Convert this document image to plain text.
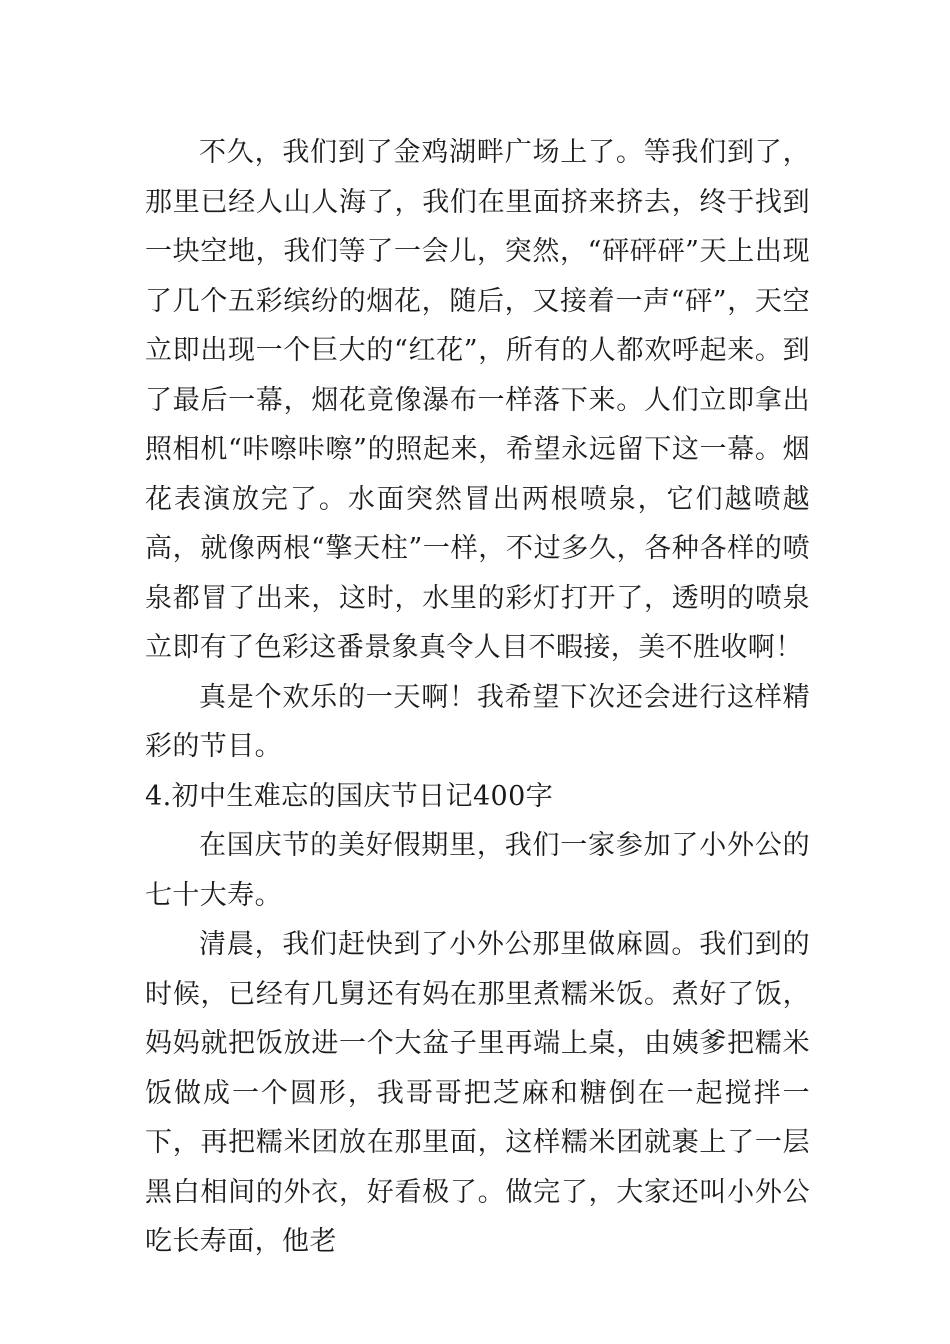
不久，我们到了金鸡湖畔广场上了。等我们到了，那里已经人山人海了，我们在里面挤来挤去，终于找到一块空地，我们等了一会儿，突然，“砰砰砰”天上出现了几个五彩缤纷的烟花，随后，又接着一声“砰”，天空立即出现一个巨大的“红花”，所有的人都欢呼起来。到了最后一幕，烟花竟像瀑布一样落下来。人们立即拿出照相机“咔嚓咔嚓”的照起来，希望永远留下这一幕。烟花表演放完了。水面突然冒出两根喷泉，它们越喷越高，就像两根“擎天柱”一样，不过多久，各种各样的喷泉都冒了出来，这时，水里的彩灯打开了，透明的喷泉立即有了色彩这番景象真令人目不暇接，美不胜收啊！

真是个欢乐的一天啊！我希望下次还会进行这样精彩的节目。

4.初中生难忘的国庆节日记400字

在国庆节的美好假期里，我们一家参加了小外公的七十大寿。

清晨，我们赶快到了小外公那里做麻圆。我们到的时候，已经有几舅还有妈在那里煮糯米饭。煮好了饭，妈妈就把饭放进一个大盆子里再端上桌，由姨爹把糯米饭做成一个圆形，我哥哥把芝麻和糖倒在一起搅拌一下，再把糯米团放在那里面，这样糯米团就裹上了一层黑白相间的外衣，好看极了。做完了，大家还叫小外公吃长寿面，他老
